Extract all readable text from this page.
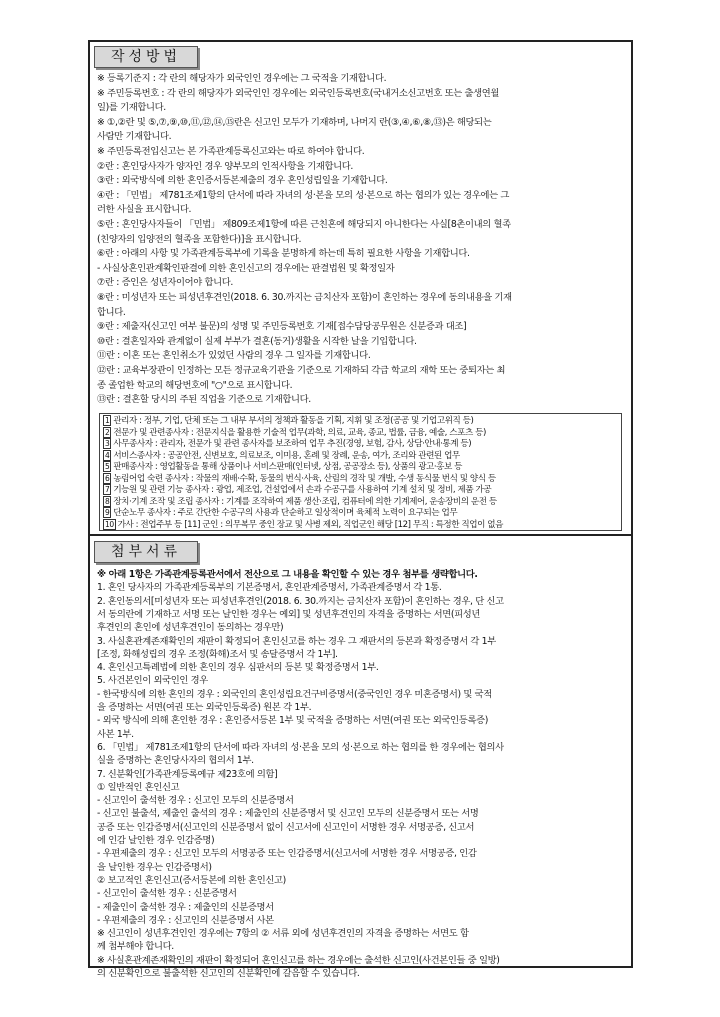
작성방법
※ 등록기준지 : 각 란의 해당자가 외국인인 경우에는 그 국적을 기재합니다.
※ 주민등록번호 : 각 란의 해당자가 외국인인 경우에는 외국인등록번호(국내거소신고번호 또는 출생연월
일)를 기재합니다.
※ ①,②란 및 ⑤,⑦,⑨,⑩,⑪,⑫,⑭,⑮란은 신고인 모두가 기재하며, 나머지 란(③,④,⑥,⑧,⑬)은 해당되는
사람만 기재합니다.
※ 주민등록전입신고는 본 가족관계등록신고와는 따로 하여야 합니다.
②란 : 혼인당사자가 양자인 경우 양부모의 인적사항을 기재합니다.
③란 : 외국방식에 의한 혼인증서등본제출의 경우 혼인성립일을 기재합니다.
④란 : 「민법」 제781조제1항의 단서에 따라 자녀의 성·본을 모의 성·본으로 하는 협의가 있는 경우에는 그
러한 사실을 표시합니다.
⑤란 : 혼인당사자들이 「민법」 제809조제1항에 따른 근친혼에 해당되지 아니한다는 사실[8촌이내의 혈족
(친양자의 입양전의 혈족을 포함한다)]을 표시합니다.
⑥란 : 아래의 사항 및 가족관계등록부에 기록을 분명하게 하는데 특히 필요한 사항을 기재합니다.
- 사실상혼인관계확인판결에 의한 혼인신고의 경우에는 판결법원 및 확정일자
⑦란 : 증인은 성년자이어야 합니다.
⑧란 : 미성년자 또는 피성년후견인(2018. 6. 30.까지는 금치산자 포함)이 혼인하는 경우에 동의내용을 기재
합니다.
⑨란 : 제출자(신고인 여부 불문)의 성명 및 주민등록번호 기재[접수담당공무원은 신분증과 대조]
⑩란 : 결혼일자와 관계없이 실제 부부가 결혼(동거)생활을 시작한 날을 기입합니다.
⑪란 : 이혼 또는 혼인취소가 있었던 사람의 경우 그 일자를 기재합니다.
⑫란 : 교육부장관이 인정하는 모든 정규교육기관을 기준으로 기재하되 각급 학교의 재학 또는 중퇴자는 최
종 졸업한 학교의 해당번호에 "○"으로 표시합니다.
⑬란 : 결혼할 당시의 주된 직업을 기준으로 기재합니다.
1 관리자 : 정부, 기업, 단체 또는 그 내부 부서의 정책과 활동을 기획, 지휘 및 조정(공공 및 기업고위직 등)
2 전문가 및 관련종사자 : 전문지식을 활용한 기술적 업무(과학, 의료, 교육, 종교, 법률, 금융, 예술, 스포츠 등)
3 사무종사자 : 관리자, 전문가 및 관련 종사자를 보조하여 업무 추진(경영, 보험, 감사, 상담·안내·통계 등)
4 서비스종사자 : 공공안전, 신변보호, 의료보조, 이미용, 혼례 및 장례, 운송, 여가, 조리와 관련된 업무
5 판매종사자 : 영업활동을 통해 상품이나 서비스판매(인터넷, 상점, 공공장소 등), 상품의 광고·홍보 등
6 농림어업 숙련 종사자 : 작물의 재배·수확, 동물의 번식·사육, 산림의 경작 및 개발, 수생 동식물 번식 및 양식 등
7 기능원 및 관련 기능 종사자 : 광업, 제조업, 건설업에서 손과 수공구를 사용하여 기계 설치 및 정비, 제품 가공
8 장치·기계 조작 및 조립 종사자 : 기계를 조작하여 제품 생산·조립, 컴퓨터에 의한 기계제어, 운송장비의 운전 등
9 단순노무 종사자 : 주로 간단한 수공구의 사용과 단순하고 일상적이며 육체적 노력이 요구되는 업무
10 가사 : 전업주부 등 [11] 군인 : 의무복무 중인 장교 및 사병 제외, 직업군인 해당 [12] 무직 : 특정한 직업이 없음
첨부서류
※ 아래 1항은 가족관계등록관서에서 전산으로 그 내용을 확인할 수 있는 경우 첨부를 생략합니다.
1. 혼인 당사자의 가족관계등록부의 기본증명서, 혼인관계증명서, 가족관계증명서 각 1통.
2. 혼인동의서[미성년자 또는 피성년후견인(2018. 6. 30.까지는 금치산자 포함)이 혼인하는 경우, 단 신고
서 동의란에 기재하고 서명 또는 날인한 경우는 예외] 및 성년후견인의 자격을 증명하는 서면(피성년
후견인의 혼인에 성년후견인이 동의하는 경우만)
3. 사실혼관계존재확인의 재판이 확정되어 혼인신고를 하는 경우 그 재판서의 등본과 확정증명서 각 1부
[조정, 화해성립의 경우 조정(화해)조서 및 송달증명서 각 1부].
4. 혼인신고특례법에 의한 혼인의 경우 심판서의 등본 및 확정증명서 1부.
5. 사건본인이 외국인인 경우
- 한국방식에 의한 혼인의 경우 : 외국인의 혼인성립요건구비증명서(중국인인 경우 미혼증명서) 및 국적
을 증명하는 서면(여권 또는 외국인등록증) 원본 각 1부.
- 외국 방식에 의해 혼인한 경우 : 혼인증서등본 1부 및 국적을 증명하는 서면(여권 또는 외국인등록증)
사본 1부.
6. 「민법」 제781조제1항의 단서에 따라 자녀의 성·본을 모의 성·본으로 하는 협의를 한 경우에는 협의사
실을 증명하는 혼인당사자의 협의서 1부.
7. 신분확인[가족관계등록예규 제23호에 의함]
① 일반적인 혼인신고
- 신고인이 출석한 경우 : 신고인 모두의 신분증명서
- 신고인 불출석, 제출인 출석의 경우 : 제출인의 신분증명서 및 신고인 모두의 신분증명서 또는 서명
공증 또는 인감증명서(신고인의 신분증명서 없이 신고서에 신고인이 서명한 경우 서명공증, 신고서
에 인감 날인한 경우 인감증명)
- 우편제출의 경우 : 신고인 모두의 서명공증 또는 인감증명서(신고서에 서명한 경우 서명공증, 인감
을 날인한 경우는 인감증명서)
② 보고적인 혼인신고(증서등본에 의한 혼인신고)
- 신고인이 출석한 경우 : 신분증명서
- 제출인이 출석한 경우 : 제출인의 신분증명서
- 우편제출의 경우 : 신고인의 신분증명서 사본
※ 신고인이 성년후견인인 경우에는 7항의 ② 서류 외에 성년후견인의 자격을 증명하는 서면도 함
께 첨부해야 합니다.
※ 사실혼관계존재확인의 재판이 확정되어 혼인신고를 하는 경우에는 출석한 신고인(사건본인들 중 일방)
의 신분확인으로 불출석한 신고인의 신분확인에 갈음할 수 있습니다.
